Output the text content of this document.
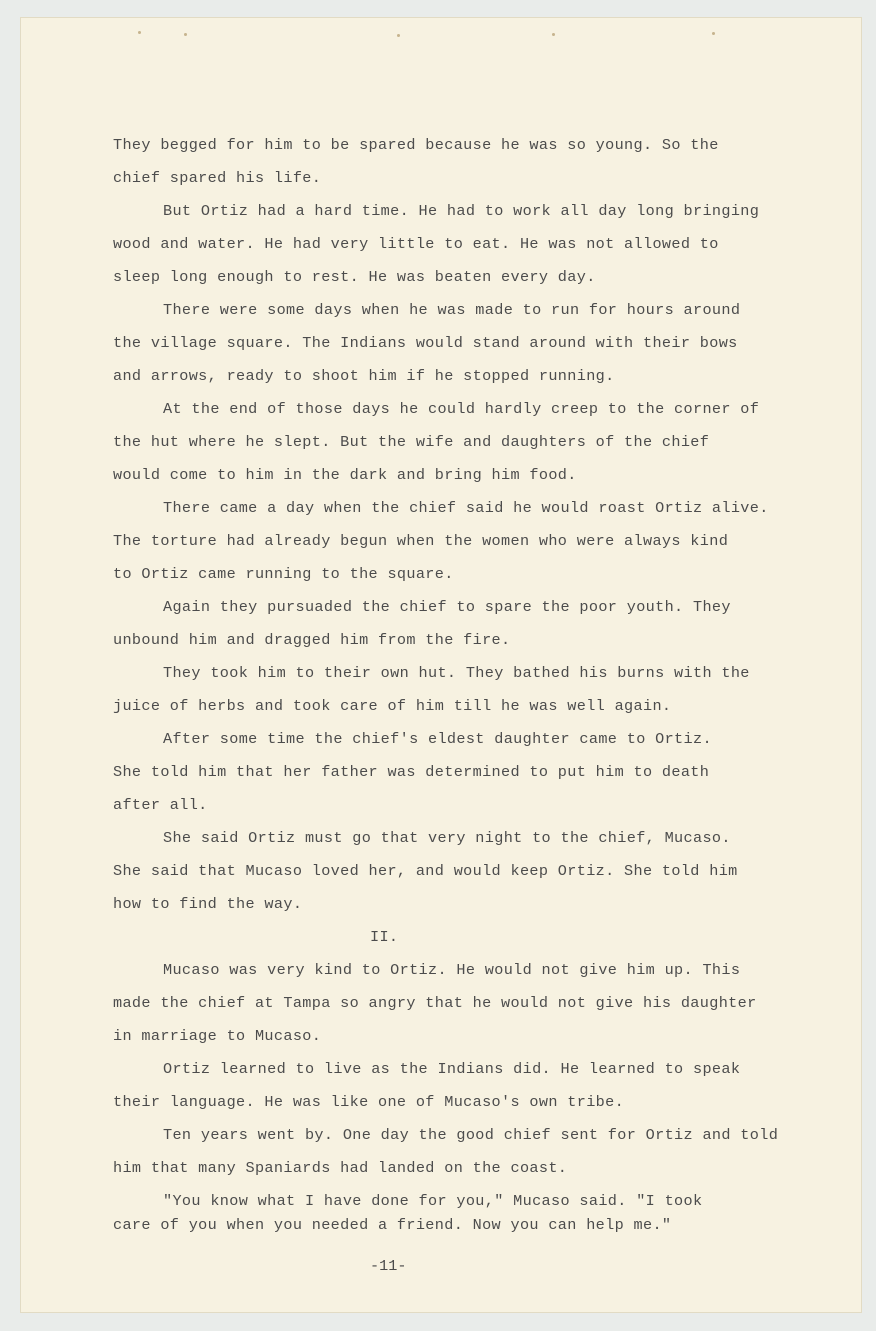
They begged for him to be spared because he was so young. So the

chief spared his life.

But Ortiz had a hard time. He had to work all day long bringing

wood and water. He had very little to eat. He was not allowed to

sleep long enough to rest. He was beaten every day.

There were some days when he was made to run for hours around

the village square. The Indians would stand around with their bows

and arrows, ready to shoot him if he stopped running.

At the end of those days he could hardly creep to the corner of

the hut where he slept. But the wife and daughters of the chief

would come to him in the dark and bring him food.

There came a day when the chief said he would roast Ortiz alive.

The torture had already begun when the women who were always kind

to Ortiz came running to the square.

Again they pursuaded the chief to spare the poor youth. They

unbound him and dragged him from the fire.

They took him to their own hut. They bathed his burns with the

juice of herbs and took care of him till he was well again.

After some time the chief's eldest daughter came to Ortiz.

She told him that her father was determined to put him to death

after all.

She said Ortiz must go that very night to the chief, Mucaso.

She said that Mucaso loved her, and would keep Ortiz. She told him

how to find the way.

II.

Mucaso was very kind to Ortiz. He would not give him up. This

made the chief at Tampa so angry that he would not give his daughter

in marriage to Mucaso.

Ortiz learned to live as the Indians did. He learned to speak

their language. He was like one of Mucaso's own tribe.

Ten years went by. One day the good chief sent for Ortiz and told

him that many Spaniards had landed on the coast.

"You know what I have done for you," Mucaso said. "I took

care of you when you needed a friend. Now you can help me."

-11-
